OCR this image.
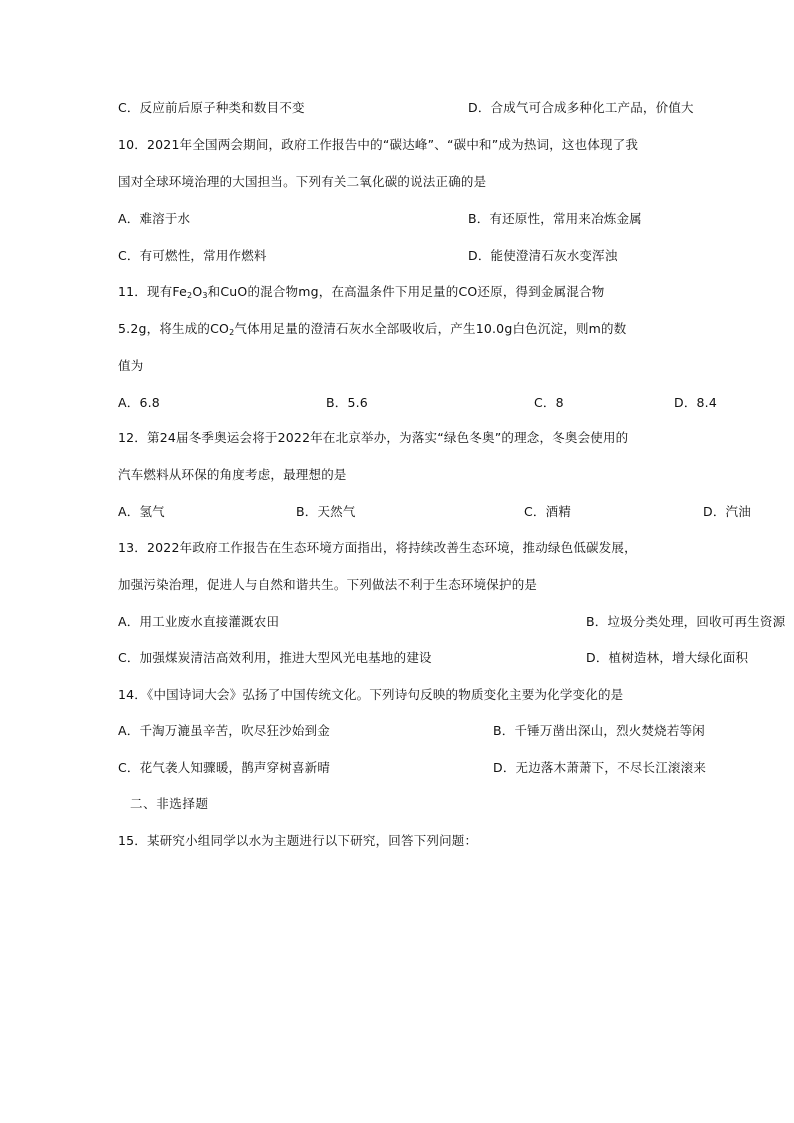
C．反应前后原子种类和数目不变	D．合成气可合成多种化工产品，价值大
10．2021年全国两会期间，政府工作报告中的“碳达峰”、“碳中和”成为热词，这也体现了我
国对全球环境治理的大国担当。下列有关二氧化碳的说法正确的是
A．难溶于水	B．有还原性，常用来冶炼金属
C．有可燃性，常用作燃料	D．能使澄清石灰水变浑浊
11．现有$Fe_2O_3$和CuO的混合物mg，在高温条件下用足量的CO还原，得到金属混合物
5.2g，将生成的$CO_2$气体用足量的澄清石灰水全部吸收后，产生10.0g白色沉淀，则m的数
值为
A．6.8	B．5.6	C．8	D．8.4
12．第24届冬季奥运会将于2022年在北京举办，为落实“绿色冬奥”的理念，冬奥会使用的
汽车燃料从环保的角度考虑，最理想的是
A．氢气	B．天然气	C．酒精	D．汽油
13．2022年政府工作报告在生态环境方面指出，将持续改善生态环境，推动绿色低碳发展，
加强污染治理，促进人与自然和谐共生。下列做法不利于生态环境保护的是
A．用工业废水直接灌溉农田	B．垃圾分类处理，回收可再生资源
C．加强煤炭清洁高效利用，推进大型风光电基地的建设	D．植树造林，增大绿化面积
14．《中国诗词大会》弘扬了中国传统文化。下列诗句反映的物质变化主要为化学变化的是
A．千淘万漉虽辛苦，吹尽狂沙始到金	B．千锤万凿出深山，烈火焚烧若等闲
C．花气袭人知骤暖，鹊声穿树喜新晴	D．无边落木萧萧下，不尽长江滚滚来
二、非选择题
15．某研究小组同学以水为主题进行以下研究，回答下列问题：
